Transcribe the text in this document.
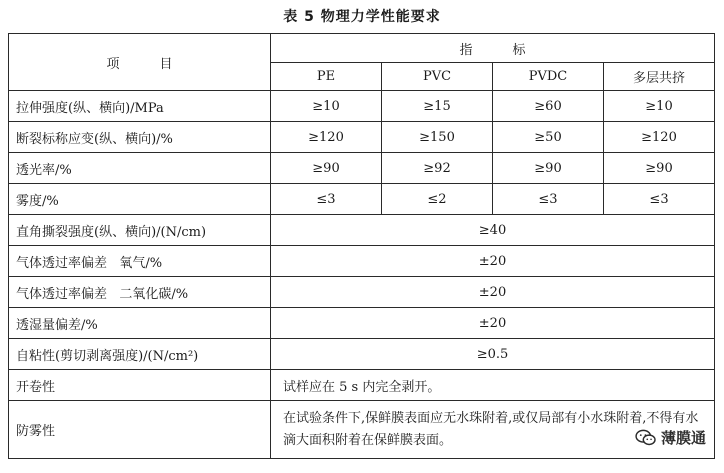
表 5 物理力学性能要求
项目	指标			
	PE	PVC	PVDC	多层共挤
拉伸强度(纵、横向)/MPa	≥10	≥15	≥60	≥10
断裂标称应变(纵、横向)/%	≥120	≥150	≥50	≥120
透光率/%	≥90	≥92	≥90	≥90
雾度/%	≤3	≤2	≤3	≤3
直角撕裂强度(纵、横向)/(N/cm)	≥40			
气体透过率偏差   氧气/%	±20			
气体透过率偏差   二氧化碳/%	±20			
透湿量偏差/%	±20			
自粘性(剪切剥离强度)/(N/cm²)	≥0.5			
开卷性	试样应在 5 s 内完全剥开。			
防雾性	在试验条件下,保鲜膜表面应无水珠附着,或仅局部有小水珠附着,不得有水滴大面积附着在保鲜膜表面。				薄膜通
